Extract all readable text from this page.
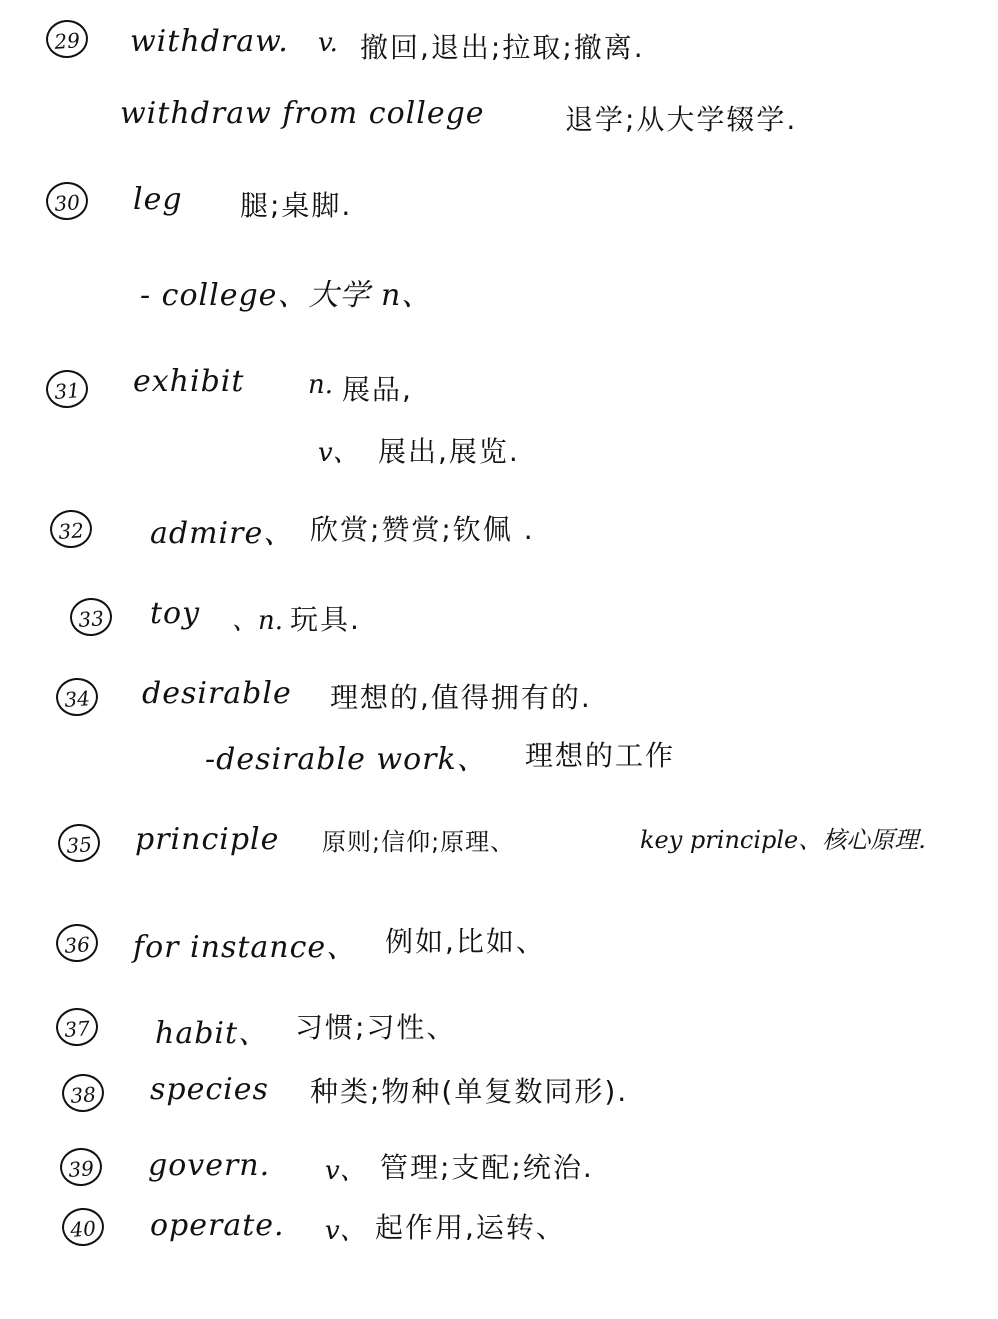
29 withdraw. v. 撤回,退出;拉取;撤离.
withdraw from college	退学;从大学辍学.
30 leg 腿;桌脚.
- college、大学 n、
31 exhibit n. 展品,
v、 展出,展览.
32 admire、 欣赏;赞赏;钦佩 .
33 toy 、n. 玩具.
34 desirable 理想的,值得拥有的.
-desirable work、 理想的工作
35 principle 原则;信仰;原理、	key principle、核心原理.
36 for instance、 例如,比如、
37 habit、 习惯;习性、
38 species 种类;物种(单复数同形).
39 govern. v、 管理;支配;统治.
40 operate. v、 起作用,运转、
